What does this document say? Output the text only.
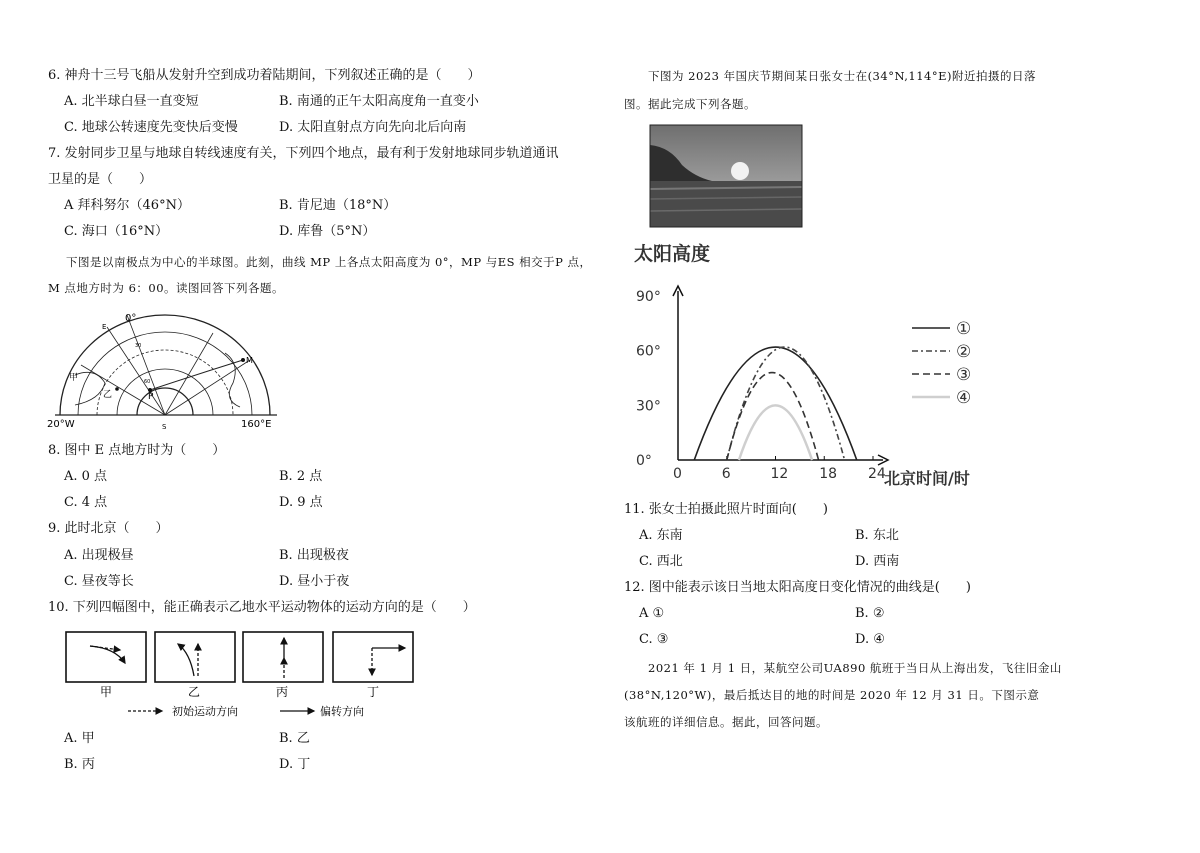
6. 神舟十三号飞船从发射升空到成功着陆期间，下列叙述正确的是（　　）
A. 北半球白昼一直变短	B. 南通的正午太阳高度角一直变小
C. 地球公转速度先变快后变慢	D. 太阳直射点方向先向北后向南
7. 发射同步卫星与地球自转线速度有关，下列四个地点，最有利于发射地球同步轨道通讯
卫星的是（　　）
A 拜科努尔（46°N）	B. 肯尼迪（18°N）
C. 海口（16°N）	D. 库鲁（5°N）
下图是以南极点为中心的半球图。此刻，曲线 MP 上各点太阳高度为 0°，MP 与ES 相交于P 点，
M 点地方时为 6：00。读图回答下列各题。
20°W	160°E
0°
S
E
M
P
甲
乙
30
60
8. 图中 E 点地方时为（　　）
A. 0 点	B. 2 点
C. 4 点	D. 9 点
9. 此时北京（　　）
A. 出现极昼	B. 出现极夜
C. 昼夜等长	D. 昼小于夜
10. 下列四幅图中，能正确表示乙地水平运动物体的运动方向的是（　　）
甲	乙	丙	丁
初始运动方向	偏转方向
A. 甲	B. 乙
B. 丙	D. 丁
下图为 2023 年国庆节期间某日张女士在(34°N,114°E)附近拍摄的日落
图。据此完成下列各题。
太阳高度
北京时间/时
0	6	12 18 24
0°
30°
60°
90°
①
②
③
④
11. 张女士拍摄此照片时面向(　　)
A. 东南	B. 东北
C. 西北	D. 西南
12. 图中能表示该日当地太阳高度日变化情况的曲线是(　　)
A ①	B. ②
C. ③	D. ④
2021 年 1 月 1 日，某航空公司UA890 航班于当日从上海出发，飞往旧金山
(38°N,120°W)，最后抵达目的地的时间是 2020 年 12 月 31 日。下图示意
该航班的详细信息。据此，回答问题。
